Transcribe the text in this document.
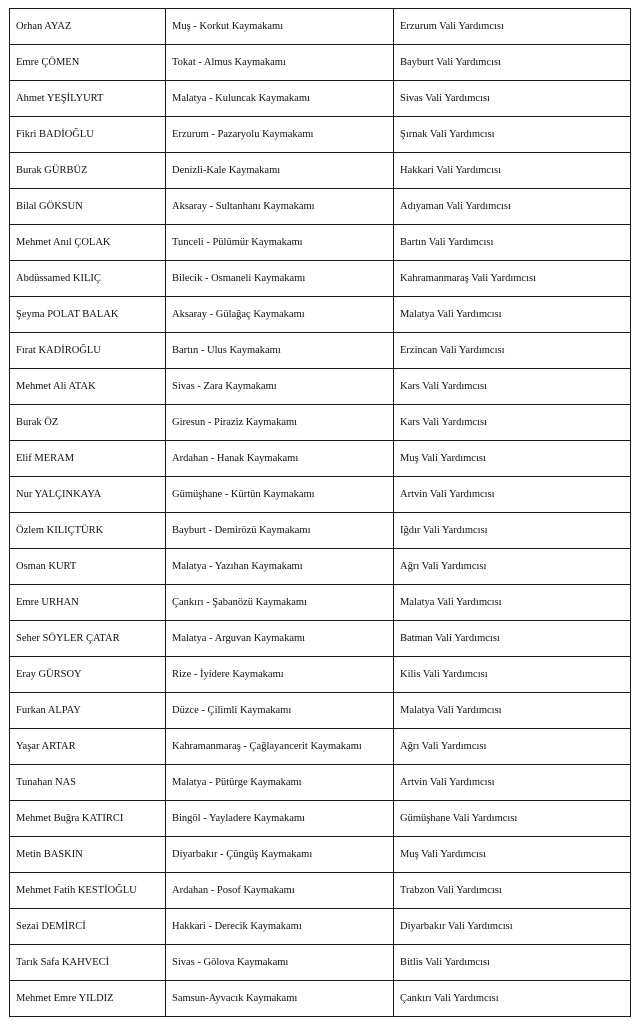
Orhan AYAZ	Muş - Korkut Kaymakamı	Erzurum Vali Yardımcısı
Emre ÇÖMEN	Tokat - Almus Kaymakamı	Bayburt Vali Yardımcısı
Ahmet YEŞİLYURT	Malatya - Kuluncak Kaymakamı	Sivas Vali Yardımcısı
Fikri BADİOĞLU	Erzurum - Pazaryolu Kaymakamı	Şırnak Vali Yardımcısı
Burak GÜRBÜZ	Denizli-Kale Kaymakamı	Hakkari Vali Yardımcısı
Bilal GÖKSUN	Aksaray - Sultanhanı Kaymakamı	Adıyaman Vali Yardımcısı
Mehmet Anıl ÇOLAK	Tunceli - Pülümür Kaymakamı	Bartın Vali Yardımcısı
Abdüssamed KILIÇ	Bilecik - Osmaneli Kaymakamı	Kahramanmaraş Vali Yardımcısı
Şeyma POLAT BALAK	Aksaray - Gülağaç Kaymakamı	Malatya Vali Yardımcısı
Fırat KADİROĞLU	Bartın - Ulus Kaymakamı	Erzincan Vali Yardımcısı
Mehmet Ali ATAK	Sivas - Zara Kaymakamı	Kars Vali Yardımcısı
Burak ÖZ	Giresun - Piraziz Kaymakamı	Kars Vali Yardımcısı
Elif MERAM	Ardahan - Hanak Kaymakamı	Muş Vali Yardımcısı
Nur YALÇINKAYA	Gümüşhane - Kürtün Kaymakamı	Artvin Vali Yardımcısı
Özlem KILIÇTÜRK	Bayburt - Demirözü Kaymakamı	Iğdır Vali Yardımcısı
Osman KURT	Malatya - Yazıhan Kaymakamı	Ağrı Vali Yardımcısı
Emre URHAN	Çankırı - Şabanözü Kaymakamı	Malatya Vali Yardımcısı
Seher SÖYLER ÇATAR	Malatya - Arguvan Kaymakamı	Batman Vali Yardımcısı
Eray GÜRSOY	Rize - İyidere Kaymakamı	Kilis Vali Yardımcısı
Furkan ALPAY	Düzce - Çilimli Kaymakamı	Malatya Vali Yardımcısı
Yaşar ARTAR	Kahramanmaraş - Çağlayancerit Kaymakamı	Ağrı Vali Yardımcısı
Tunahan NAS	Malatya - Pütürge Kaymakamı	Artvin Vali Yardımcısı
Mehmet Buğra KATIRCI	Bingöl - Yayladere Kaymakamı	Gümüşhane Vali Yardımcısı
Metin BASKIN	Diyarbakır - Çüngüş Kaymakamı	Muş Vali Yardımcısı
Mehmet Fatih KESTİOĞLU	Ardahan - Posof Kaymakamı	Trabzon Vali Yardımcısı
Sezai DEMİRCİ	Hakkari - Derecik Kaymakamı	Diyarbakır Vali Yardımcısı
Tarık Safa KAHVECİ	Sivas - Gölova Kaymakamı	Bitlis Vali Yardımcısı
Mehmet Emre YILDIZ	Samsun-Ayvacık Kaymakamı	Çankırı Vali Yardımcısı
